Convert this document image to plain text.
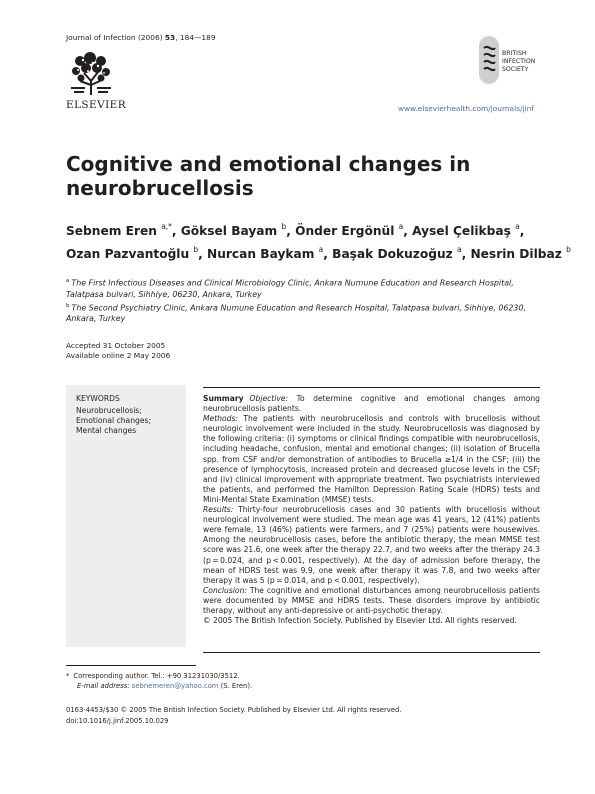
Journal of Infection (2006) 53, 184—189
ELSEVIER
BRITISH
INFECTION
SOCIETY
www.elsevierhealth.com/journals/jinf
Cognitive and emotional changes in neurobrucellosis
Sebnem Eren $^{a,*}$, Göksel Bayam $^b$, Önder Ergönül $^a$, Aysel Çelikbaş $^a$,
Ozan Pazvantoğlu $^b$, Nurcan Baykam $^a$, Başak Dokuzoğuz $^a$, Nesrin Dilbaz $^b$

$^a$ The First Infectious Diseases and Clinical Microbiology Clinic, Ankara Numune Education and Research Hospital, Talatpasa bulvari, Sihhiye, 06230, Ankara, Turkey

$^b$ The Second Psychiatry Clinic, Ankara Numune Education and Research Hospital, Talatpasa bulvari, Sihhiye, 06230, Ankara, Turkey

Accepted 31 October 2005
Available online 2 May 2006
KEYWORDS
Neurobrucellosis;
Emotional changes;
Mental changes

Summary Objective: To determine cognitive and emotional changes among neurobrucellosis patients.

Methods: The patients with neurobrucellosis and controls with brucellosis without neurologic involvement were included in the study. Neurobrucellosis was diagnosed by the following criteria: (i) symptoms or clinical findings compatible with neurobrucellosis, including headache, confusion, mental and emotional changes; (ii) isolation of Brucella spp. from CSF and/or demonstration of antibodies to Brucella ≥1/4 in the CSF; (iii) the presence of lymphocytosis, increased protein and decreased glucose levels in the CSF; and (iv) clinical improvement with appropriate treatment. Two psychiatrists interviewed the patients, and performed the Hamilton Depression Rating Scale (HDRS) tests and Mini-Mental State Examination (MMSE) tests.

Results: Thirty-four neurobrucellosis cases and 30 patients with brucellosis without neurological involvement were studied. The mean age was 41 years, 12 (41%) patients were female, 13 (46%) patients were farmers, and 7 (25%) patients were housewives. Among the neurobrucellosis cases, before the antibiotic therapy, the mean MMSE test score was 21.6, one week after the therapy 22.7, and two weeks after the therapy 24.3 (p = 0.024, and p < 0.001, respectively). At the day of admission before therapy, the mean of HDRS test was 9.9, one week after therapy it was 7.8, and two weeks after therapy it was 5 (p = 0.014, and p < 0.001, respectively).

Conclusion: The cognitive and emotional disturbances among neurobrucellosis patients were documented by MMSE and HDRS tests. These disorders improve by antibiotic therapy, without any anti-depressive or anti-psychotic therapy.

© 2005 The British Infection Society. Published by Elsevier Ltd. All rights reserved.

* Corresponding author. Tel.: +90 31231030/3512.
E-mail address: sebnemeren@yahoo.com (S. Eren).
0163-4453/$30 © 2005 The British Infection Society. Published by Elsevier Ltd. All rights reserved.
doi:10.1016/j.jinf.2005.10.029
